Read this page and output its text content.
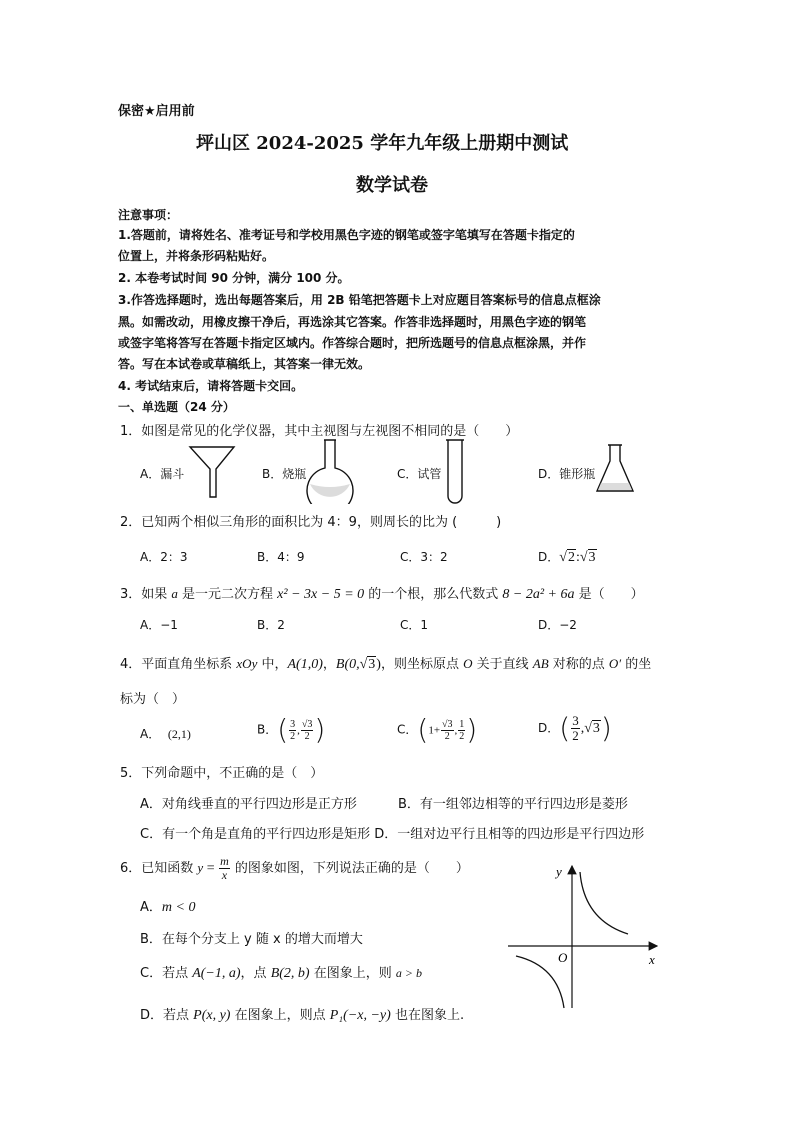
保密★启用前
坪山区 2024-2025 学年九年级上册期中测试
数学试卷
注意事项：
1.答题前，请将姓名、准考证号和学校用黑色字迹的钢笔或签字笔填写在答题卡指定的
位置上，并将条形码粘贴好。
2. 本卷考试时间 90 分钟，满分 100 分。
3.作答选择题时，选出每题答案后，用 2B 铅笔把答题卡上对应题目答案标号的信息点框涂
黑。如需改动，用橡皮擦干净后，再选涂其它答案。作答非选择题时，用黑色字迹的钢笔
或签字笔将答写在答题卡指定区域内。作答综合题时，把所选题号的信息点框涂黑，并作
答。写在本试卷或草稿纸上，其答案一律无效。
4. 考试结束后，请将答题卡交回。
一、单选题（24 分）
1．如图是常见的化学仪器，其中主视图与左视图不相同的是（　　）
A．漏斗	B．烧瓶	C．试管	D．锥形瓶
2．已知两个相似三角形的面积比为 4：9，则周长的比为 (　　　)
A．2：3	B．4：9	C．3：2	D．√2:√3
3．如果 a 是一元二次方程 x² − 3x − 5 = 0 的一个根，那么代数式 8 − 2a² + 6a 是（　　）
A．−1	B．2	C．1	D．−2
4．平面直角坐标系 xOy 中，A(1,0)，B(0,√3)，则坐标原点 O 关于直线 AB 对称的点 O′ 的坐
标为（　）
A． (2,1)	B．( $\frac{3}{2}$ , $\frac{√3}{2}$ )	C．($1+ \frac{√3}{2}$ , $\frac{1}{2}$ )	D．( $\frac{3}{2} ,√3$)
5．下列命题中，不正确的是（　）
A．对角线垂直的平行四边形是正方形	B．有一组邻边相等的平行四边形是菱形
C．有一个角是直角的平行四边形是矩形 D．一组对边平行且相等的四边形是平行四边形
6．已知函数 $y = \frac{m}{x}$ 的图象如图，下列说法正确的是（　　）
A．m < 0
B．在每个分支上 y 随 x 的增大而增大
C．若点 A(−1, a)，点 B(2, b) 在图象上，则 a > b
D．若点 P(x, y) 在图象上，则点 P₁(−x, −y) 也在图象上.
x
y
O
